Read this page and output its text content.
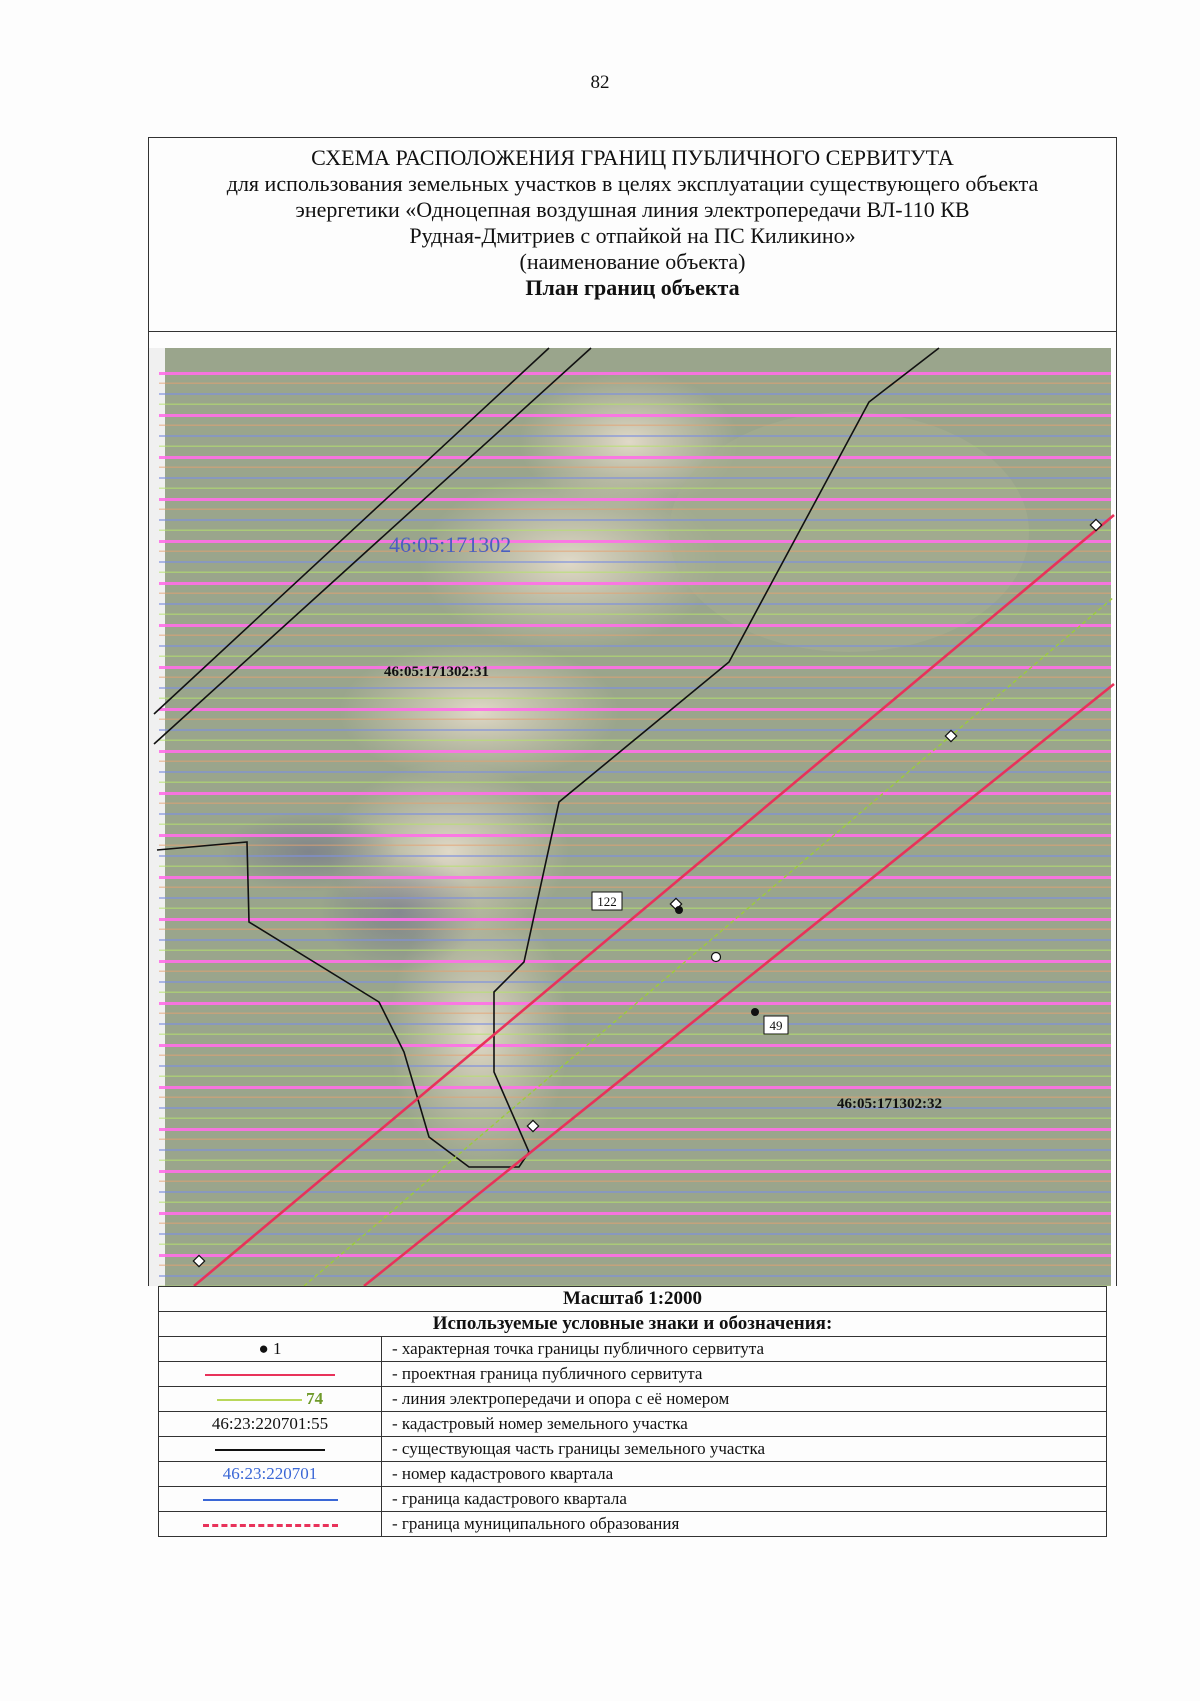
82
СХЕМА РАСПОЛОЖЕНИЯ ГРАНИЦ ПУБЛИЧНОГО СЕРВИТУТА
для использования земельных участков в целях эксплуатации существующего объекта
энергетики «Одноцепная воздушная линия электропередачи ВЛ-110 КВ
Рудная-Дмитриев с отпайкой на ПС Киликино»
(наименование объекта)
План границ объекта
122
49
46:05:171302
46:05:171302:31
46:05:171302:32
Масштаб 1:2000	
Используемые условные знаки и обозначения:	
● 1	- характерная точка границы публичного сервитута
	- проектная граница публичного сервитута
74	- линия электропередачи и опора с её номером
46:23:220701:55	- кадастровый номер земельного участка
	- существующая часть границы земельного участка
46:23:220701	- номер кадастрового квартала
	- граница кадастрового квартала
	- граница муниципального образования
